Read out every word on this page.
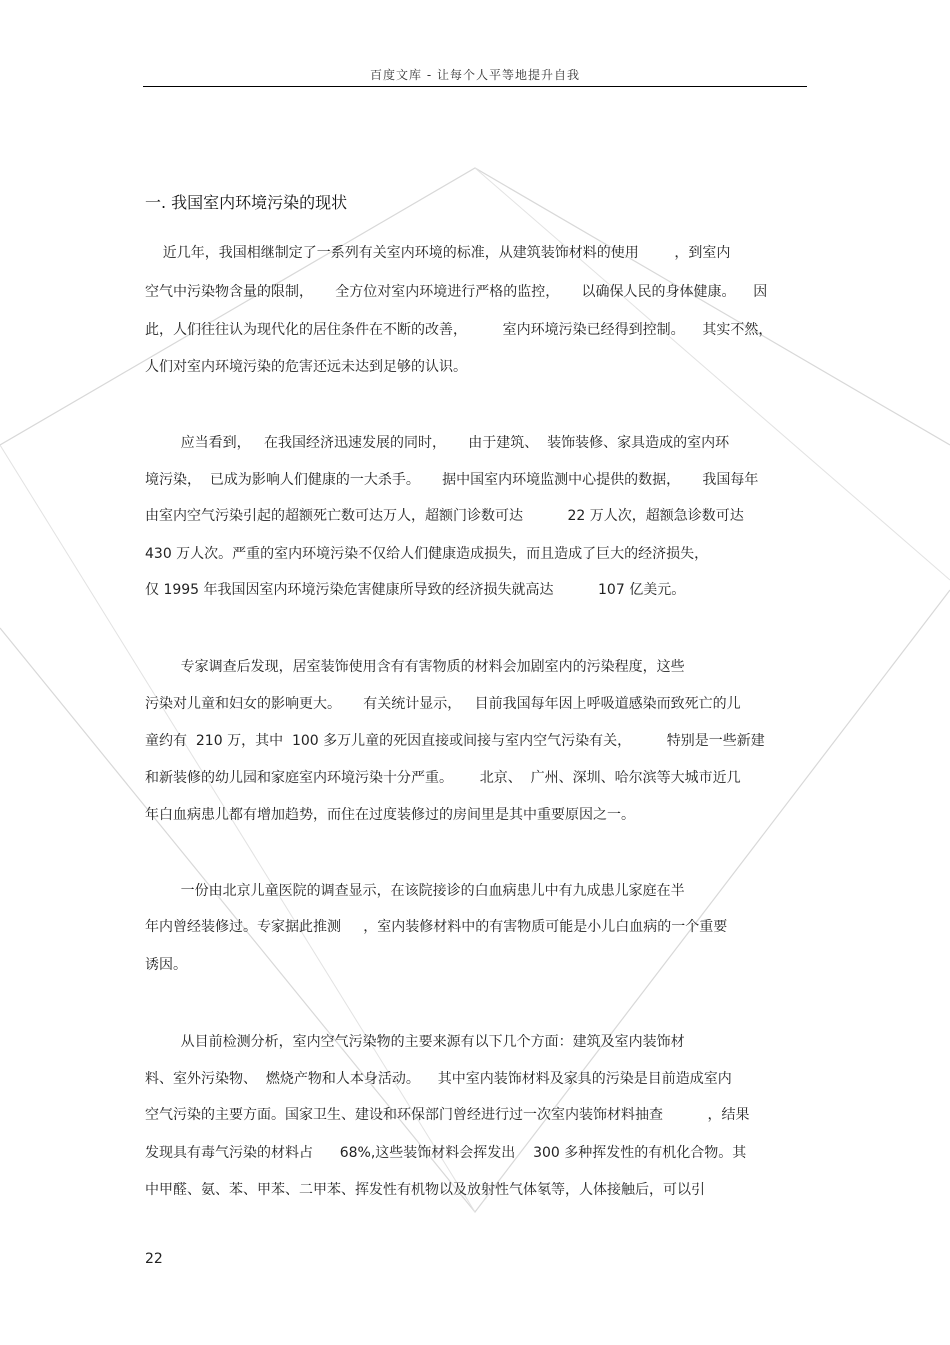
百度文库 - 让每个人平等地提升自我
一. 我国室内环境污染的现状
近几年，我国相继制定了一系列有关室内环境的标准，从建筑装饰材料的使用        ，到室内
空气中污染物含量的限制，     全方位对室内环境进行严格的监控，     以确保人民的身体健康。    因
此，人们往往认为现代化的居住条件在不断的改善，        室内环境污染已经得到控制。    其实不然，
人们对室内环境污染的危害还远未达到足够的认识。
应当看到，   在我国经济迅速发展的同时，     由于建筑、  装饰装修、家具造成的室内环
境污染，  已成为影响人们健康的一大杀手。     据中国室内环境监测中心提供的数据，     我国每年
由室内空气污染引起的超额死亡数可达万人，超额门诊数可达          22 万人次，超额急诊数可达
430 万人次。严重的室内环境污染不仅给人们健康造成损失，而且造成了巨大的经济损失，
仅 1995 年我国因室内环境污染危害健康所导致的经济损失就高达          107 亿美元。
专家调查后发现，居室装饰使用含有有害物质的材料会加剧室内的污染程度，这些
污染对儿童和妇女的影响更大。     有关统计显示，   目前我国每年因上呼吸道感染而致死亡的儿
童约有  210 万，其中  100 多万儿童的死因直接或间接与室内空气污染有关，        特别是一些新建
和新装修的幼儿园和家庭室内环境污染十分严重。      北京、  广州、深圳、哈尔滨等大城市近几
年白血病患儿都有增加趋势，而住在过度装修过的房间里是其中重要原因之一。
一份由北京儿童医院的调查显示，在该院接诊的白血病患儿中有九成患儿家庭在半
年内曾经装修过。专家据此推测     ，室内装修材料中的有害物质可能是小儿白血病的一个重要
诱因。
从目前检测分析，室内空气污染物的主要来源有以下几个方面：建筑及室内装饰材
料、室外污染物、  燃烧产物和人本身活动。    其中室内装饰材料及家具的污染是目前造成室内
空气污染的主要方面。国家卫生、建设和环保部门曾经进行过一次室内装饰材料抽查          ，结果
发现具有毒气污染的材料占      68%,这些装饰材料会挥发出    300 多种挥发性的有机化合物。其
中甲醛、氨、苯、甲苯、二甲苯、挥发性有机物以及放射性气体氡等，人体接触后，可以引
22
